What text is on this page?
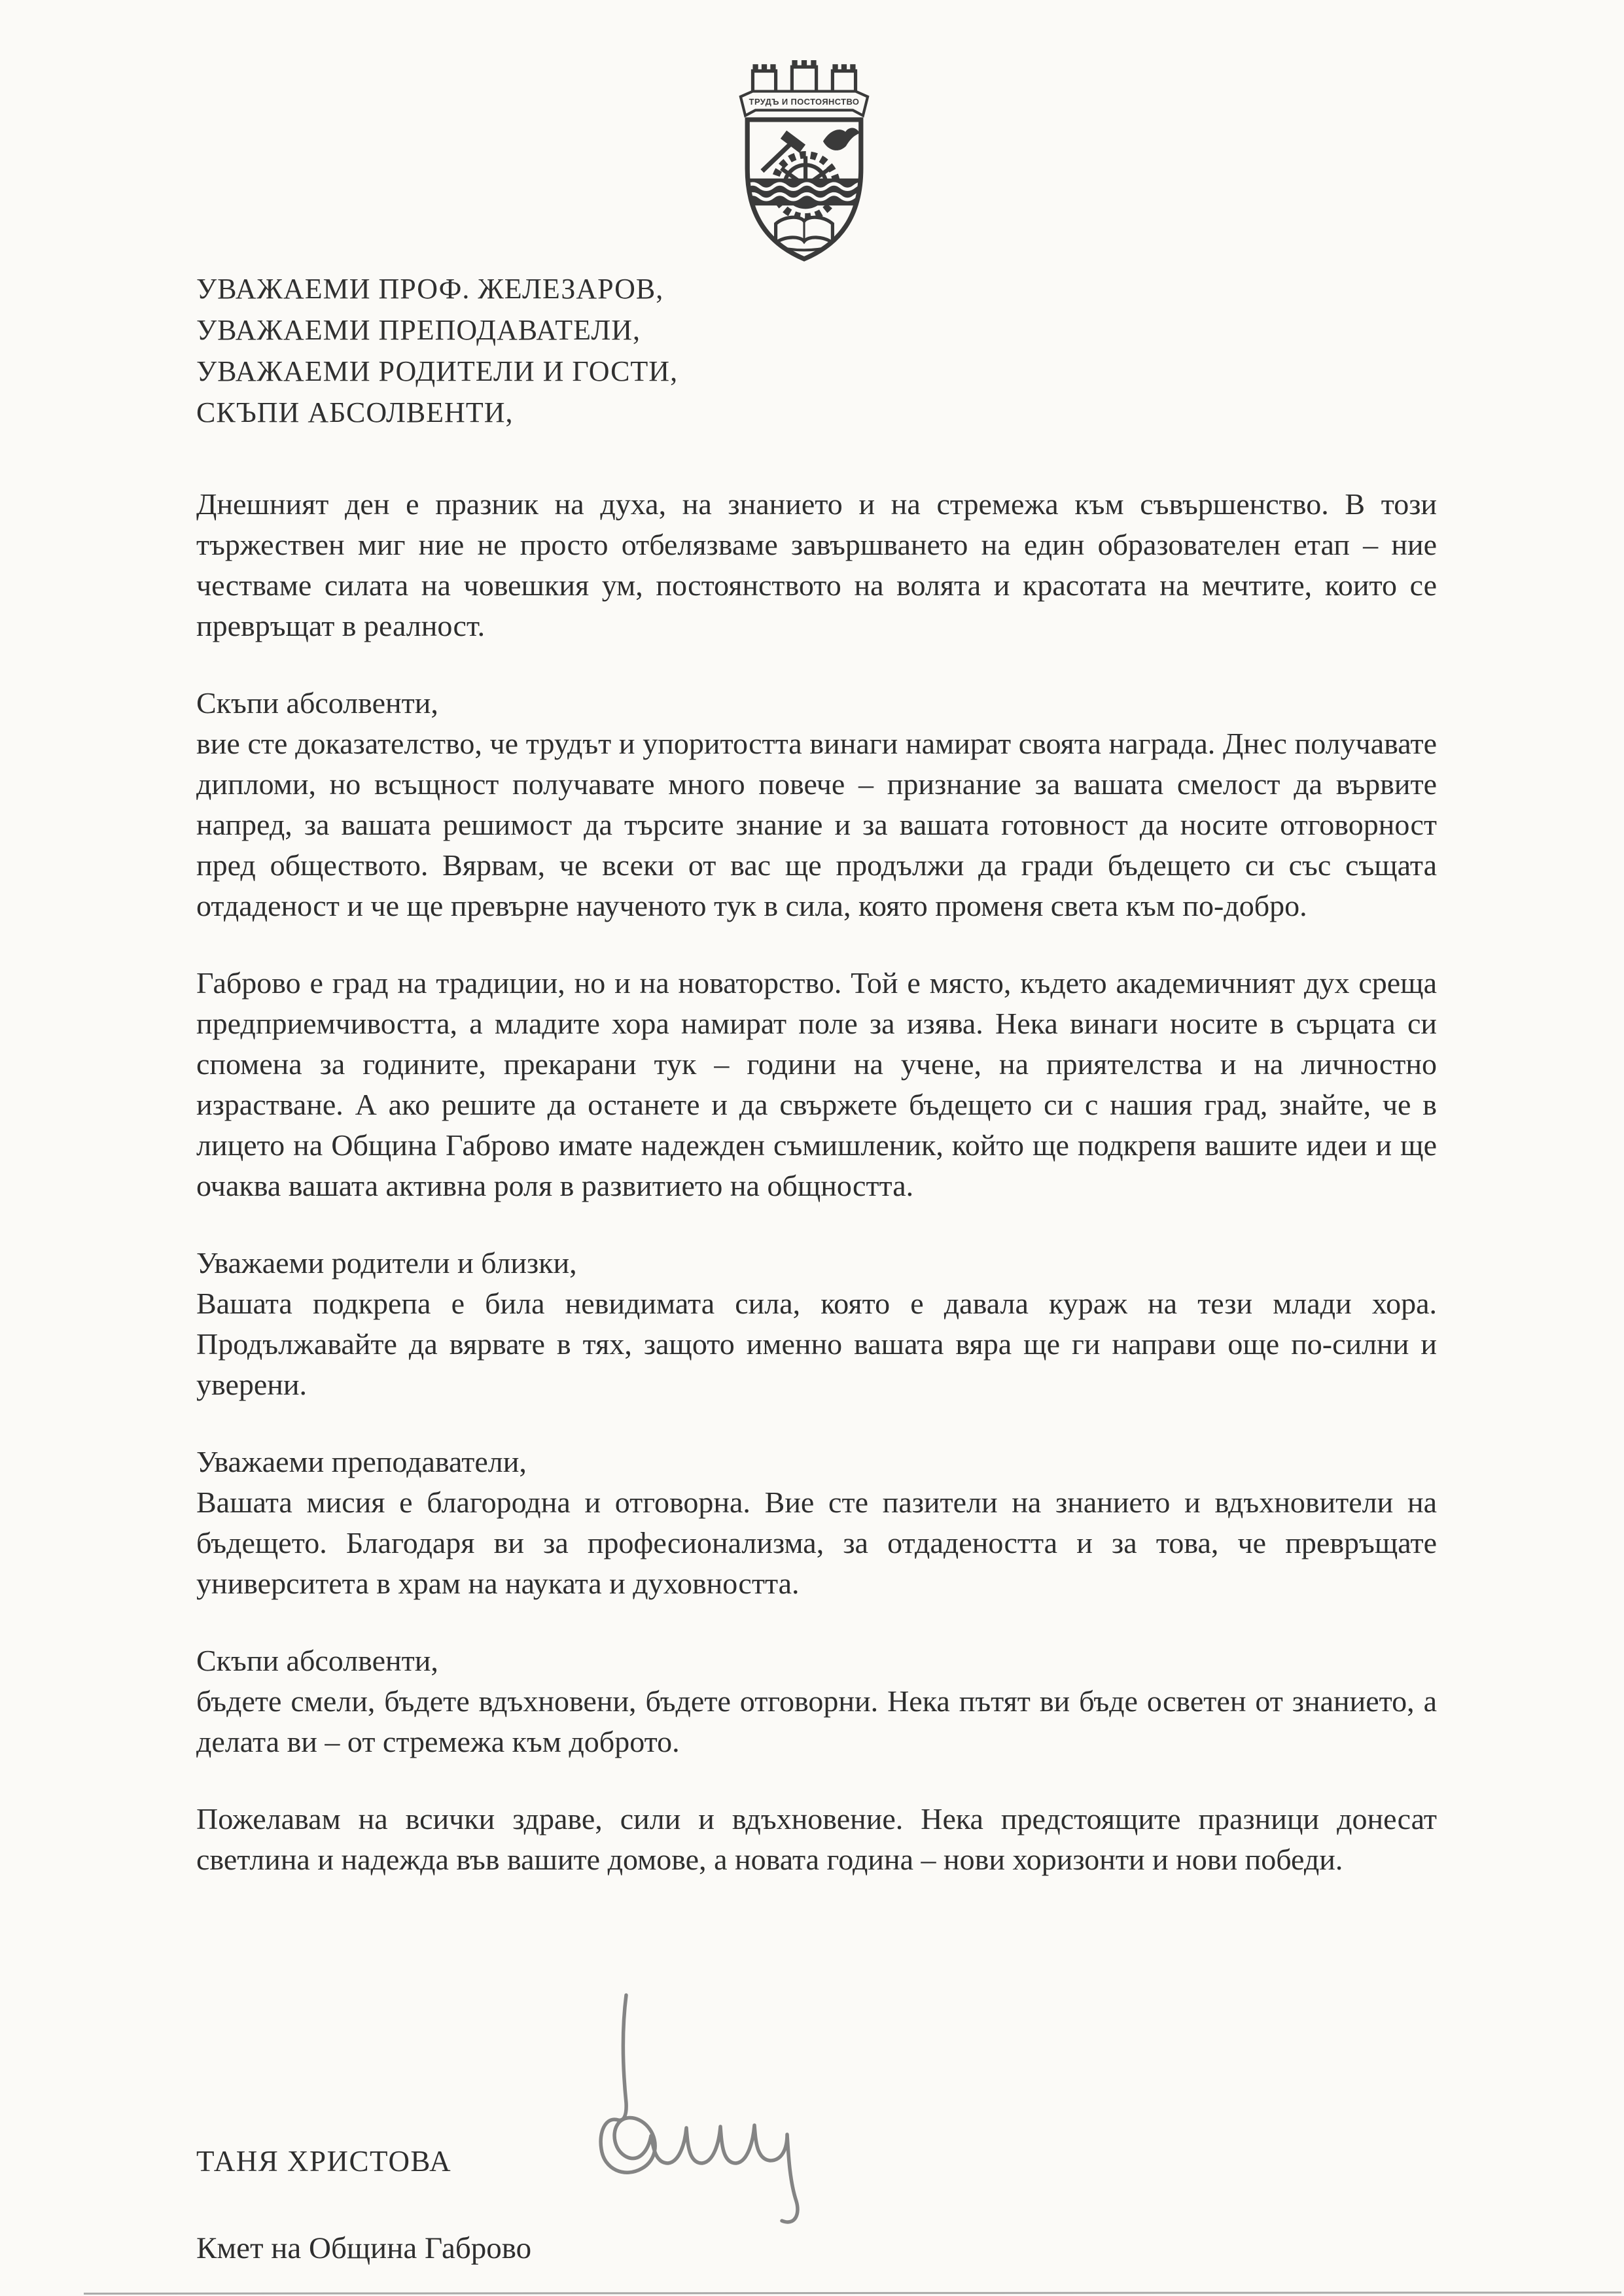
ТРУДЪ И ПОСТОЯНСТВО
УВАЖАЕМИ ПРОФ. ЖЕЛЕЗАРОВ,
УВАЖАЕМИ ПРЕПОДАВАТЕЛИ,
УВАЖАЕМИ РОДИТЕЛИ И ГОСТИ,
СКЪПИ АБСОЛВЕНТИ,
Днешният ден е празник на духа, на знанието и на стремежа към съвършенство. В този тържествен миг ние не просто отбелязваме завършването на един образователен етап – ние честваме силата на човешкия ум, постоянството на волята и красотата на мечтите, които се превръщат в реалност.
Скъпи абсолвенти,
вие сте доказателство, че трудът и упоритостта винаги намират своята награда. Днес получавате дипломи, но всъщност получавате много повече – признание за вашата смелост да вървите напред, за вашата решимост да търсите знание и за вашата готовност да носите отговорност пред обществото. Вярвам, че всеки от вас ще продължи да гради бъдещето си със същата отдаденост и че ще превърне наученото тук в сила, която променя света към по-добро.
Габрово е град на традиции, но и на новаторство. Той е място, където академичният дух среща предприемчивостта, а младите хора намират поле за изява. Нека винаги носите в сърцата си спомена за годините, прекарани тук – години на учене, на приятелства и на личностно израстване. А ако решите да останете и да свържете бъдещето си с нашия град, знайте, че в лицето на Община Габрово имате надежден съмишленик, който ще подкрепя вашите идеи и ще очаква вашата активна роля в развитието на общността.
Уважаеми родители и близки,
Вашата подкрепа е била невидимата сила, която е давала кураж на тези млади хора. Продължавайте да вярвате в тях, защото именно вашата вяра ще ги направи още по-силни и уверени.
Уважаеми преподаватели,
Вашата мисия е благородна и отговорна. Вие сте пазители на знанието и вдъхновители на бъдещето. Благодаря ви за професионализма, за отдадеността и за това, че превръщате университета в храм на науката и духовността.
Скъпи абсолвенти,
бъдете смели, бъдете вдъхновени, бъдете отговорни. Нека пътят ви бъде осветен от знанието, а делата ви – от стремежа към доброто.
Пожелавам на всички здраве, сили и вдъхновение. Нека предстоящите празници донесат светлина и надежда във вашите домове, а новата година – нови хоризонти и нови победи.
ТАНЯ ХРИСТОВА
Кмет на Община Габрово
